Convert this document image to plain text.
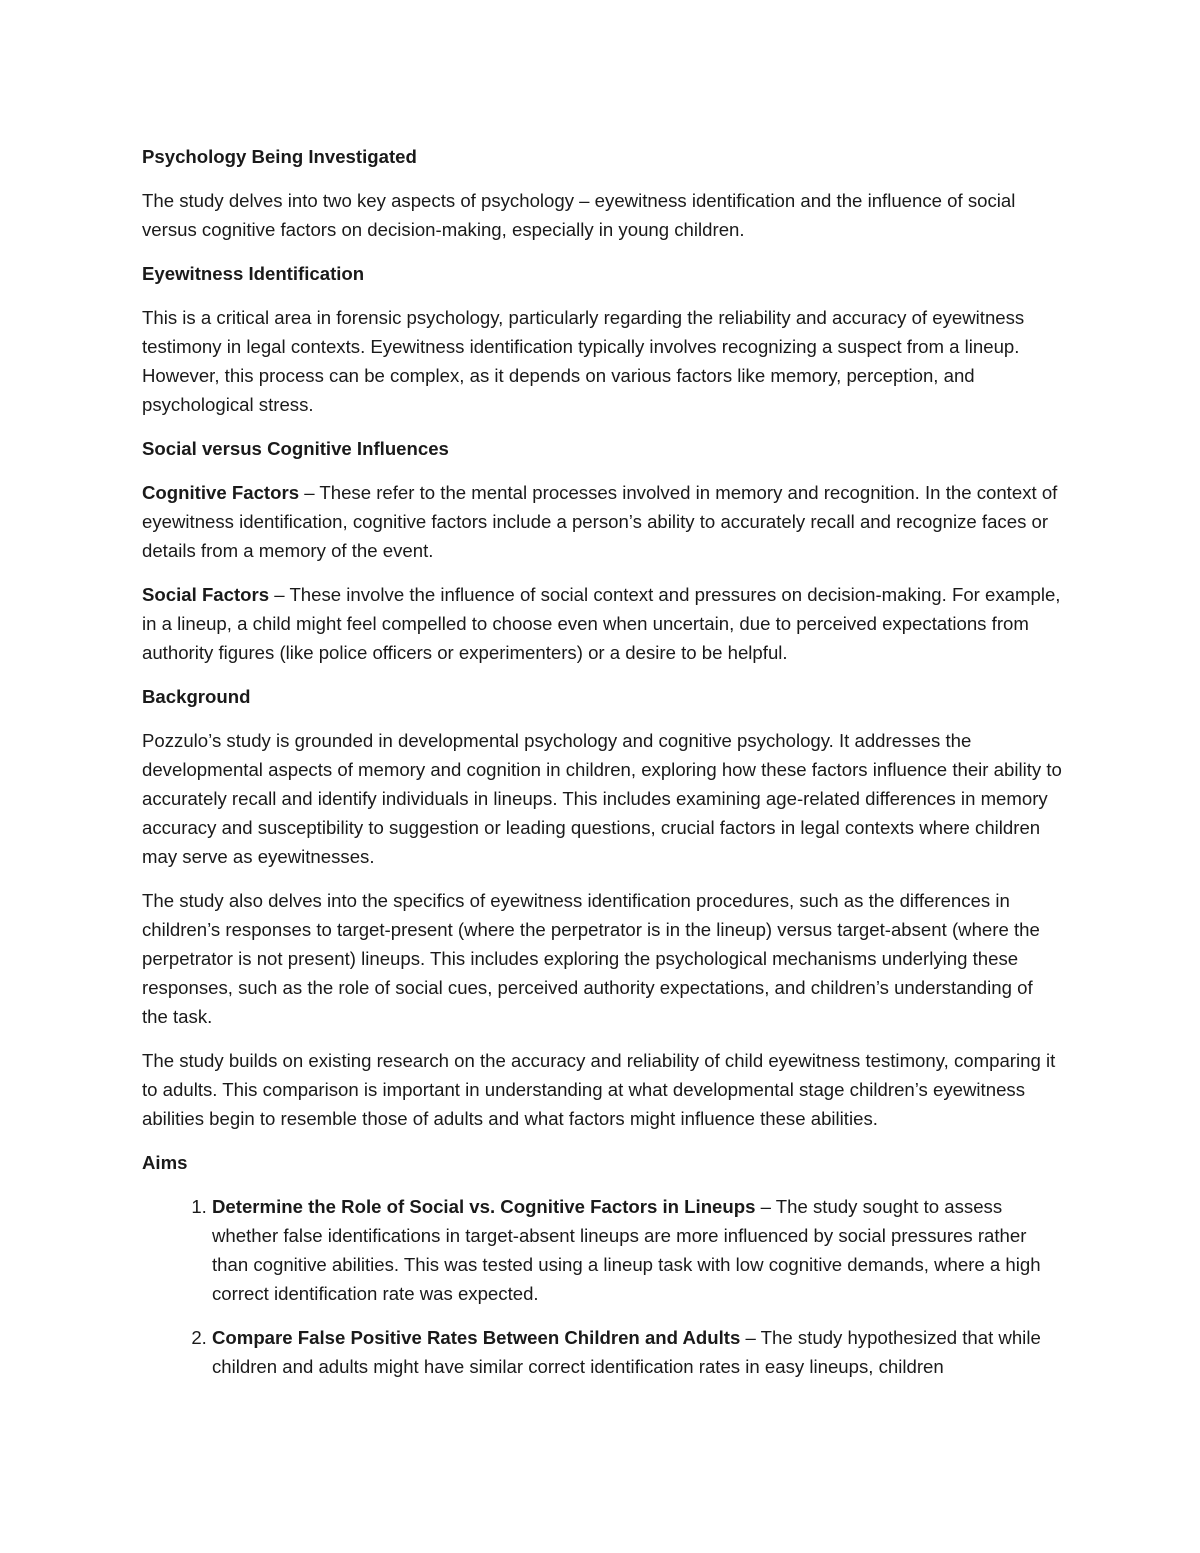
Psychology Being Investigated

The study delves into two key aspects of psychology – eyewitness identification and the influence of social versus cognitive factors on decision-making, especially in young children.

Eyewitness Identification

This is a critical area in forensic psychology, particularly regarding the reliability and accuracy of eyewitness testimony in legal contexts. Eyewitness identification typically involves recognizing a suspect from a lineup. However, this process can be complex, as it depends on various factors like memory, perception, and psychological stress.

Social versus Cognitive Influences

Cognitive Factors – These refer to the mental processes involved in memory and recognition. In the context of eyewitness identification, cognitive factors include a person’s ability to accurately recall and recognize faces or details from a memory of the event.

Social Factors – These involve the influence of social context and pressures on decision-making. For example, in a lineup, a child might feel compelled to choose even when uncertain, due to perceived expectations from authority figures (like police officers or experimenters) or a desire to be helpful.

Background

Pozzulo’s study is grounded in developmental psychology and cognitive psychology. It addresses the developmental aspects of memory and cognition in children, exploring how these factors influence their ability to accurately recall and identify individuals in lineups. This includes examining age-related differences in memory accuracy and susceptibility to suggestion or leading questions, crucial factors in legal contexts where children may serve as eyewitnesses.

The study also delves into the specifics of eyewitness identification procedures, such as the differences in children’s responses to target-present (where the perpetrator is in the lineup) versus target-absent (where the perpetrator is not present) lineups. This includes exploring the psychological mechanisms underlying these responses, such as the role of social cues, perceived authority expectations, and children’s understanding of the task.

The study builds on existing research on the accuracy and reliability of child eyewitness testimony, comparing it to adults. This comparison is important in understanding at what developmental stage children’s eyewitness abilities begin to resemble those of adults and what factors might influence these abilities.

Aims
1. Determine the Role of Social vs. Cognitive Factors in Lineups – The study sought to assess whether false identifications in target-absent lineups are more influenced by social pressures rather than cognitive abilities. This was tested using a lineup task with low cognitive demands, where a high correct identification rate was expected.
2. Compare False Positive Rates Between Children and Adults – The study hypothesized that while children and adults might have similar correct identification rates in easy lineups, children
